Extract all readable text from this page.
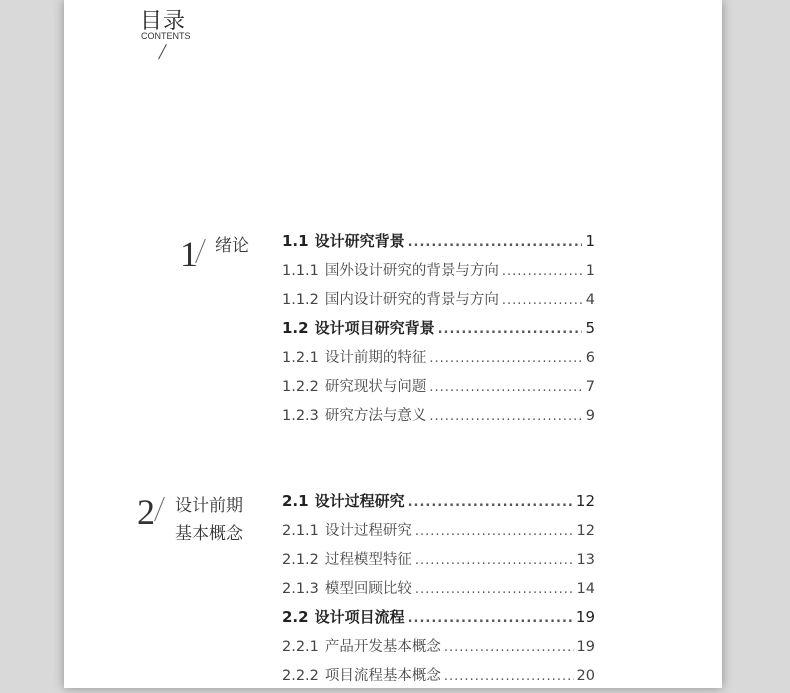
目录
CONTENTS
1 绪论 1.1 设计研究背景 .....	1
1.1.1 国外设计研究的背景与方向 .....	1
1.1.2 国内设计研究的背景与方向 .....	4
1.2 设计项目研究背景 .....	5
1.2.1 设计前期的特征 .....	6
1.2.2 研究现状与问题 .....	7
1.2.3 研究方法与意义 .....	9
2 设计前期
基本概念
2.1 设计过程研究 .....	12
2.1.1 设计过程研究 .....	12
2.1.2 过程模型特征 .....	13
2.1.3 模型回顾比较 .....	14
2.2 设计项目流程 .....	19
2.2.1 产品开发基本概念 .....	19
2.2.2 项目流程基本概念 .....	20
